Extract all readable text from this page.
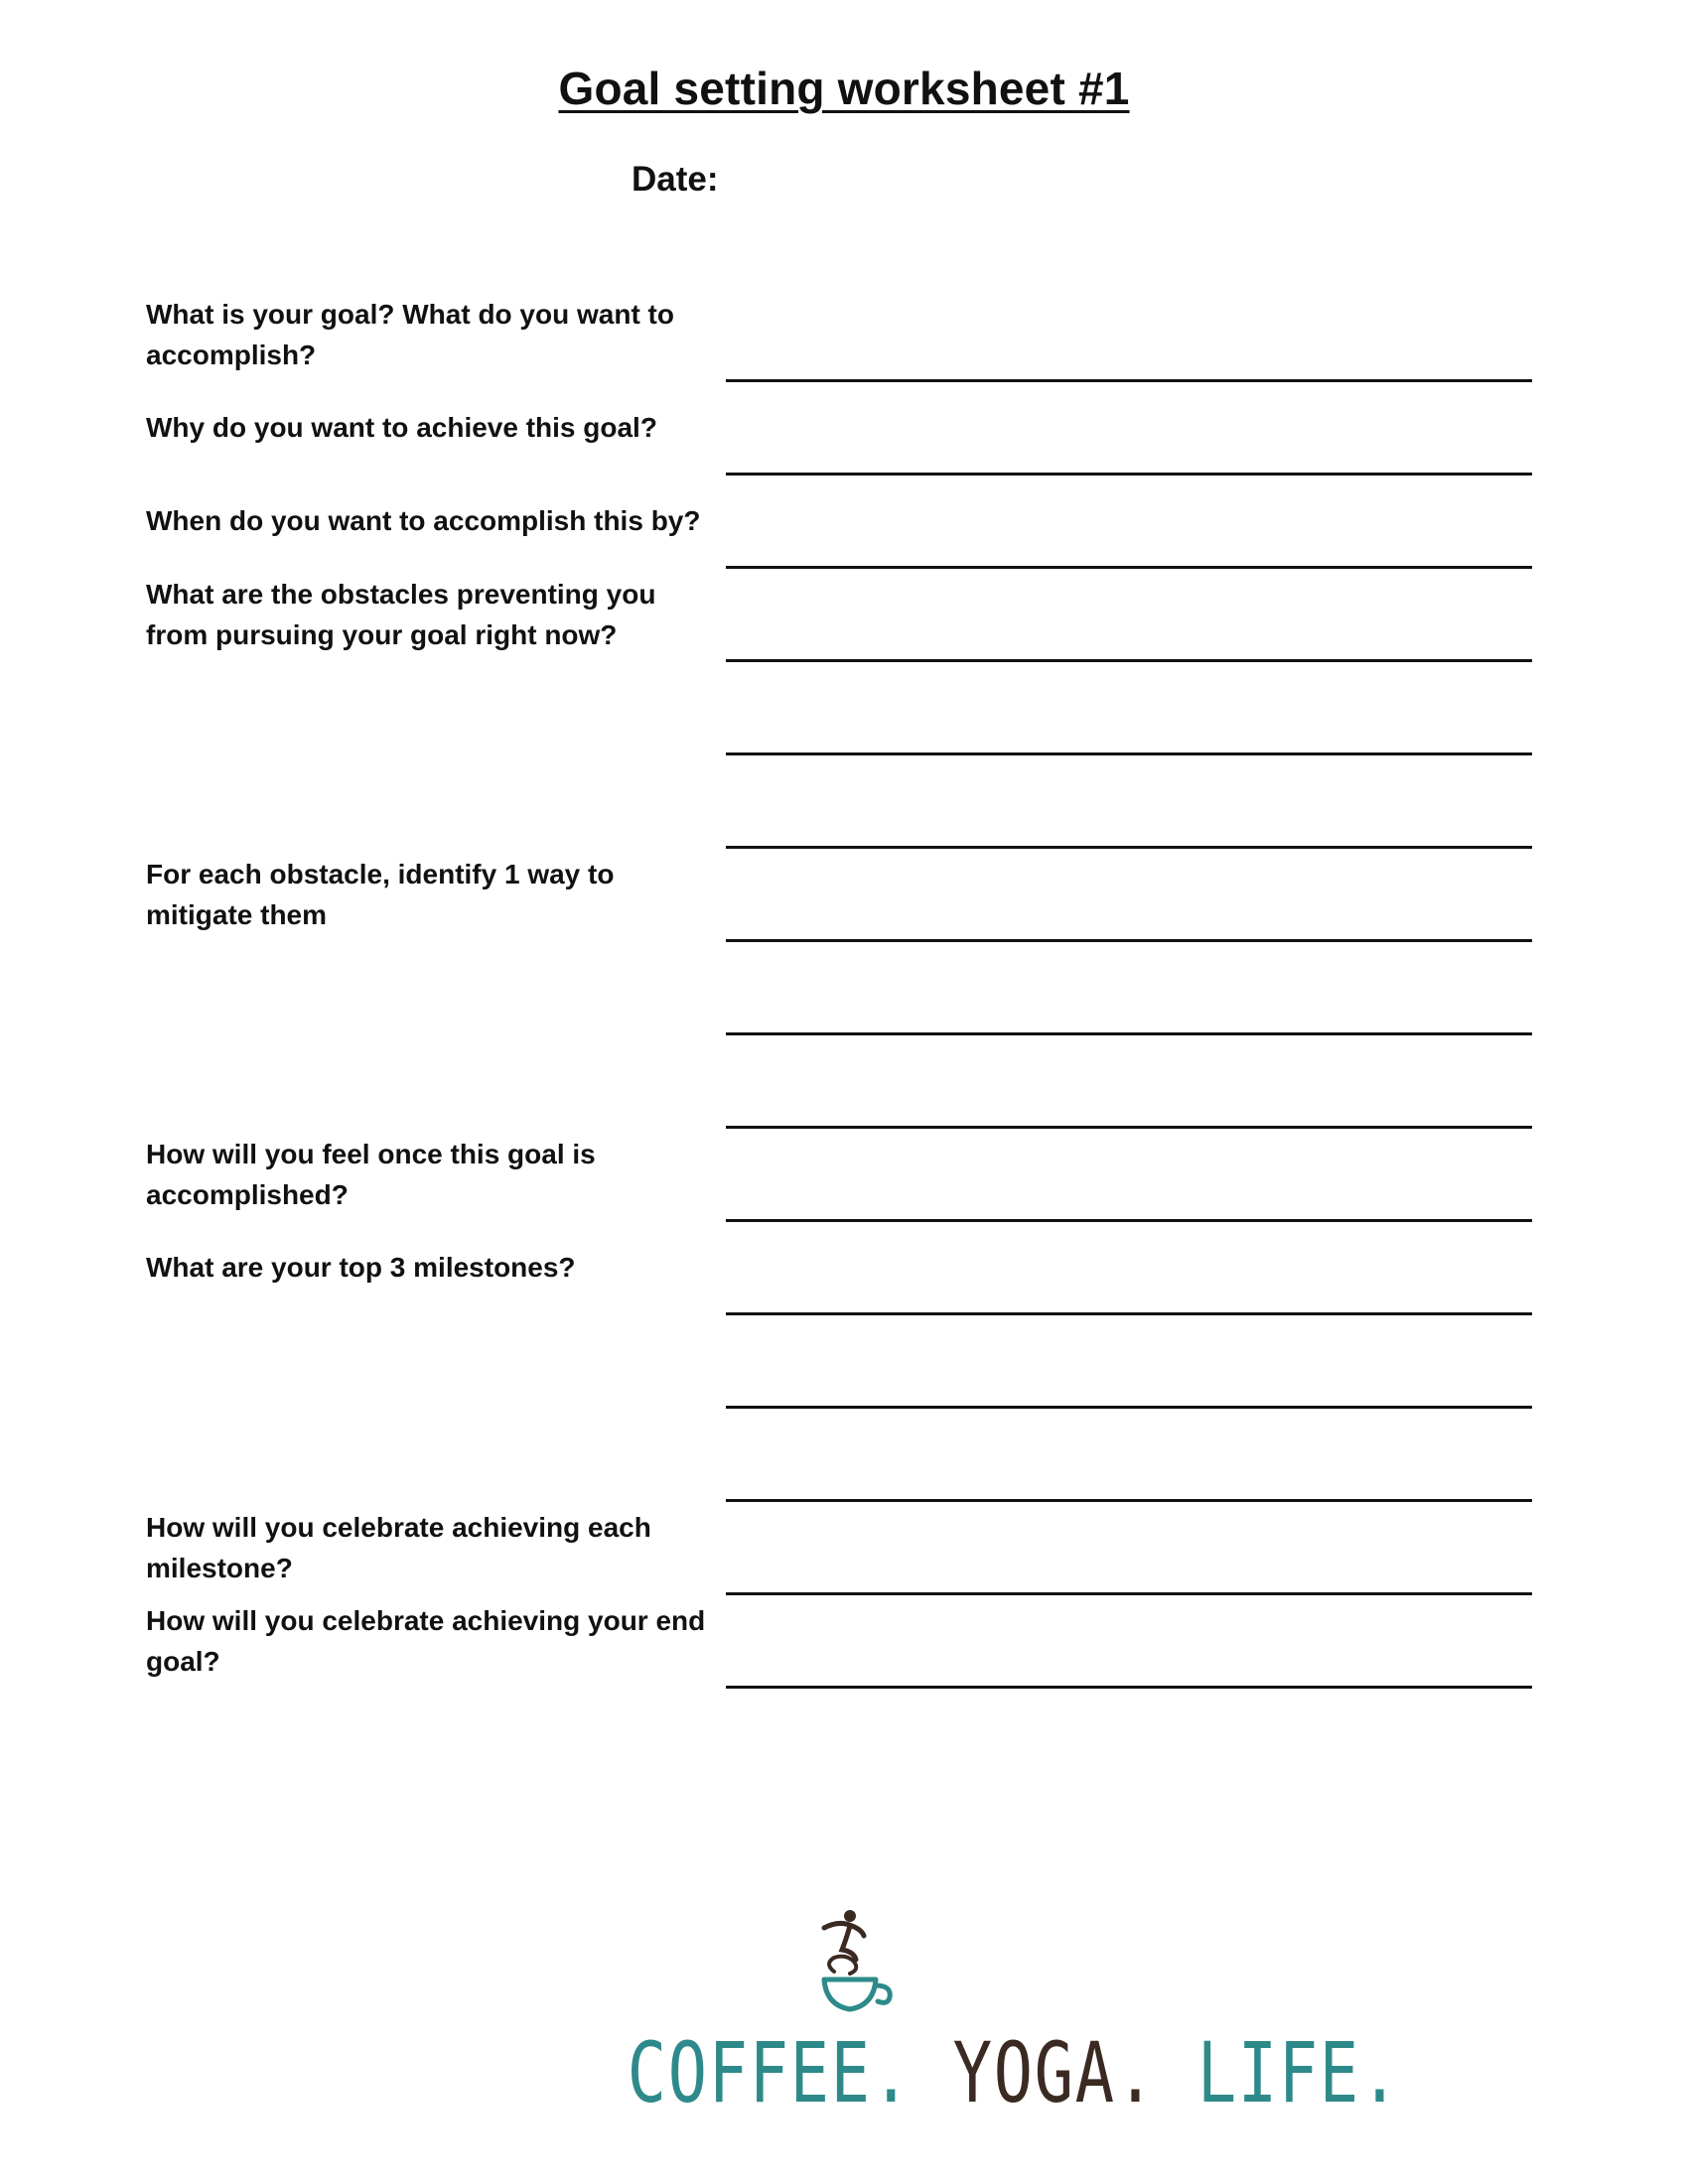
Goal setting worksheet #1
Date:

What is your goal? What do you want to accomplish?

Why do you want to achieve this goal?

When do you want to accomplish this by?

What are the obstacles preventing you from pursuing your goal right now?

For each obstacle, identify 1 way to mitigate them

How will you feel once this goal is accomplished?

What are your top 3 milestones?

How will you celebrate achieving each milestone?

How will you celebrate achieving your end goal?

COFFEE. YOGA. LIFE.
